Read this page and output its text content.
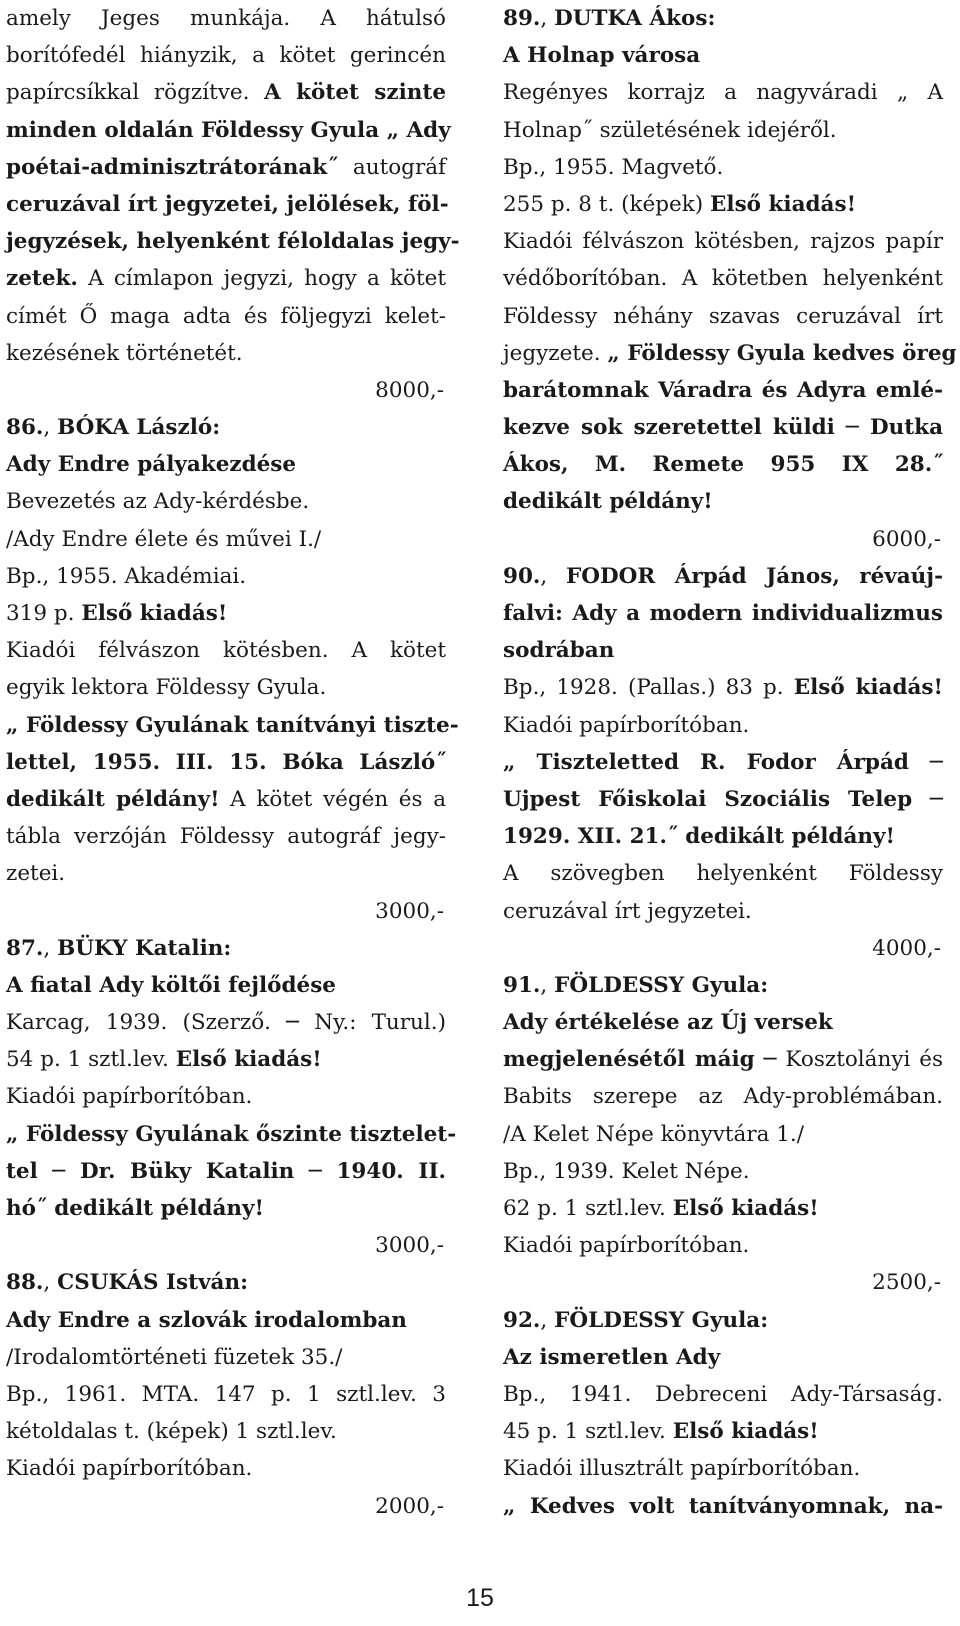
amely Jeges munkája. A hátulsó
borítófedél hiányzik, a kötet gerincén
papírcsíkkal rögzítve. A kötet szinte
minden oldalán Földessy Gyula „ Ady
poétai-adminisztrátorának˝ autográf
ceruzával írt jegyzetei, jelölések, föl-
jegyzések, helyenként féloldalas jegy-
zetek. A címlapon jegyzi, hogy a kötet
címét Ő maga adta és följegyzi kelet-
kezésének történetét.
8000,-
86., BÓKA László:
Ady Endre pályakezdése
Bevezetés az Ady-kérdésbe.
/Ady Endre élete és művei I./
Bp., 1955. Akadémiai.
319 p. Első kiadás!
Kiadói félvászon kötésben. A kötet
egyik lektora Földessy Gyula.
„ Földessy Gyulának tanítványi tiszte-
lettel, 1955. III. 15. Bóka László˝
dedikált példány! A kötet végén és a
tábla verzóján Földessy autográf jegy-
zetei.
3000,-
87., BÜKY Katalin:
A fiatal Ady költői fejlődése
Karcag, 1939. (Szerző. ─ Ny.: Turul.)
54 p. 1 sztl.lev. Első kiadás!
Kiadói papírborítóban.
„ Földessy Gyulának őszinte tisztelet-
tel ─ Dr. Büky Katalin ─ 1940. II.
hó˝ dedikált példány!
3000,-
88., CSUKÁS István:
Ady Endre a szlovák irodalomban
/Irodalomtörténeti füzetek 35./
Bp., 1961. MTA. 147 p. 1 sztl.lev. 3
kétoldalas t. (képek) 1 sztl.lev.
Kiadói papírborítóban.
2000,-
89., DUTKA Ákos:
A Holnap városa
Regényes korrajz a nagyváradi „ A
Holnap˝ születésének idejéről.
Bp., 1955. Magvető.
255 p. 8 t. (képek) Első kiadás!
Kiadói félvászon kötésben, rajzos papír
védőborítóban. A kötetben helyenként
Földessy néhány szavas ceruzával írt
jegyzete. „ Földessy Gyula kedves öreg
barátomnak Váradra és Adyra emlé-
kezve sok szeretettel küldi ─ Dutka
Ákos, M. Remete 955 IX 28.˝
dedikált példány!
6000,-
90., FODOR Árpád János, révaúj-
falvi: Ady a modern individualizmus
sodrában
Bp., 1928. (Pallas.) 83 p. Első kiadás!
Kiadói papírborítóban.
„ Tiszteletted R. Fodor Árpád ─
Ujpest Főiskolai Szociális Telep ─
1929. XII. 21.˝ dedikált példány!
A szövegben helyenként Földessy
ceruzával írt jegyzetei.
4000,-
91., FÖLDESSY Gyula:
Ady értékelése az Új versek
megjelenésétől máig ─ Kosztolányi és
Babits szerepe az Ady-problémában.
/A Kelet Népe könyvtára 1./
Bp., 1939. Kelet Népe.
62 p. 1 sztl.lev. Első kiadás!
Kiadói papírborítóban.
2500,-
92., FÖLDESSY Gyula:
Az ismeretlen Ady
Bp., 1941. Debreceni Ady-Társaság.
45 p. 1 sztl.lev. Első kiadás!
Kiadói illusztrált papírborítóban.
„ Kedves volt tanítványomnak, na-
15
